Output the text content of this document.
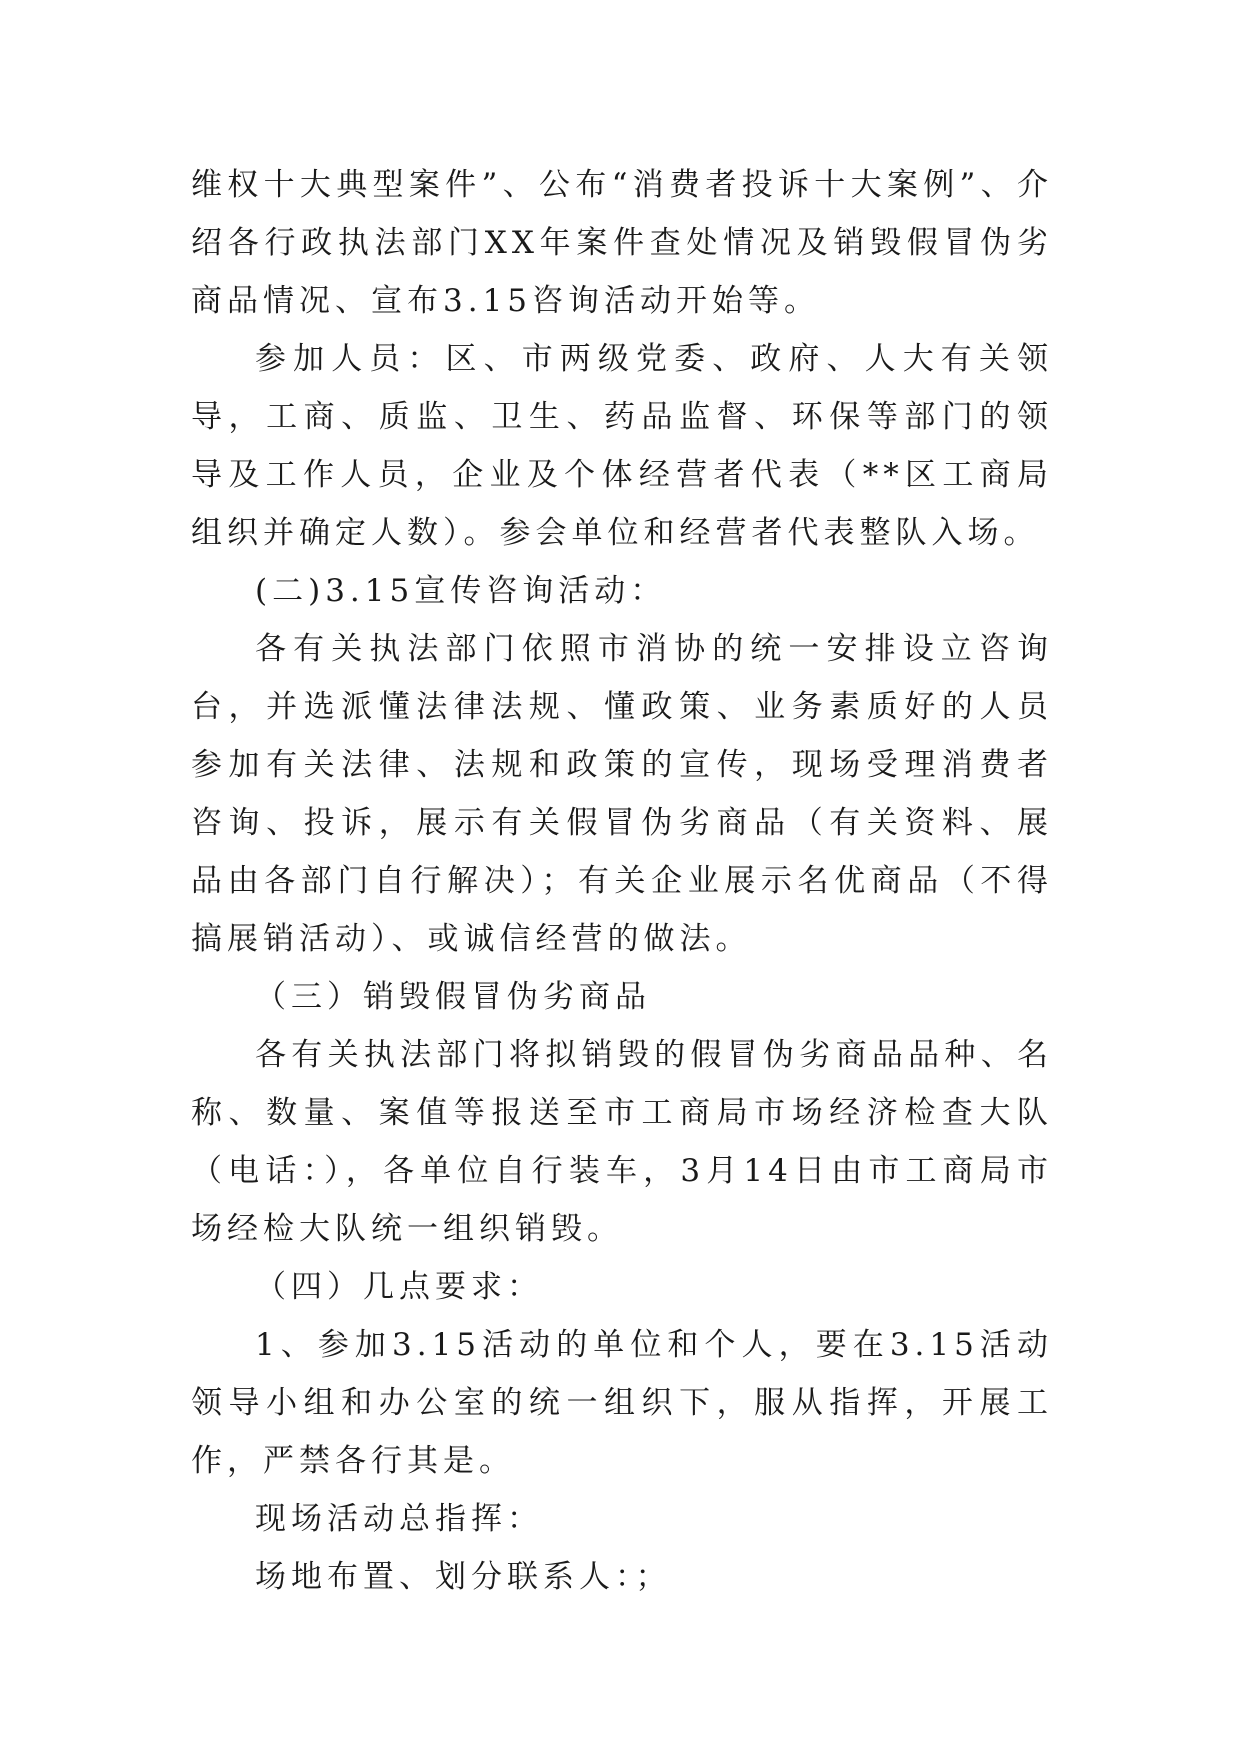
维权十大典型案件”、公布“消费者投诉十大案例”、介绍各行政执法部门XX年案件查处情况及销毁假冒伪劣商品情况、宣布3.15咨询活动开始等。

参加人员：区、市两级党委、政府、人大有关领导，工商、质监、卫生、药品监督、环保等部门的领导及工作人员，企业及个体经营者代表（**区工商局组织并确定人数）。参会单位和经营者代表整队入场。

(二)3.15宣传咨询活动：

各有关执法部门依照市消协的统一安排设立咨询台，并选派懂法律法规、懂政策、业务素质好的人员参加有关法律、法规和政策的宣传，现场受理消费者咨询、投诉，展示有关假冒伪劣商品（有关资料、展品由各部门自行解决）；有关企业展示名优商品（不得搞展销活动）、或诚信经营的做法。

（三）销毁假冒伪劣商品

各有关执法部门将拟销毁的假冒伪劣商品品种、名称、数量、案值等报送至市工商局市场经济检查大队（电话：），各单位自行装车，3月14日由市工商局市场经检大队统一组织销毁。

（四）几点要求：

1、参加3.15活动的单位和个人，要在3.15活动领导小组和办公室的统一组织下，服从指挥，开展工作，严禁各行其是。

现场活动总指挥：

场地布置、划分联系人：；
